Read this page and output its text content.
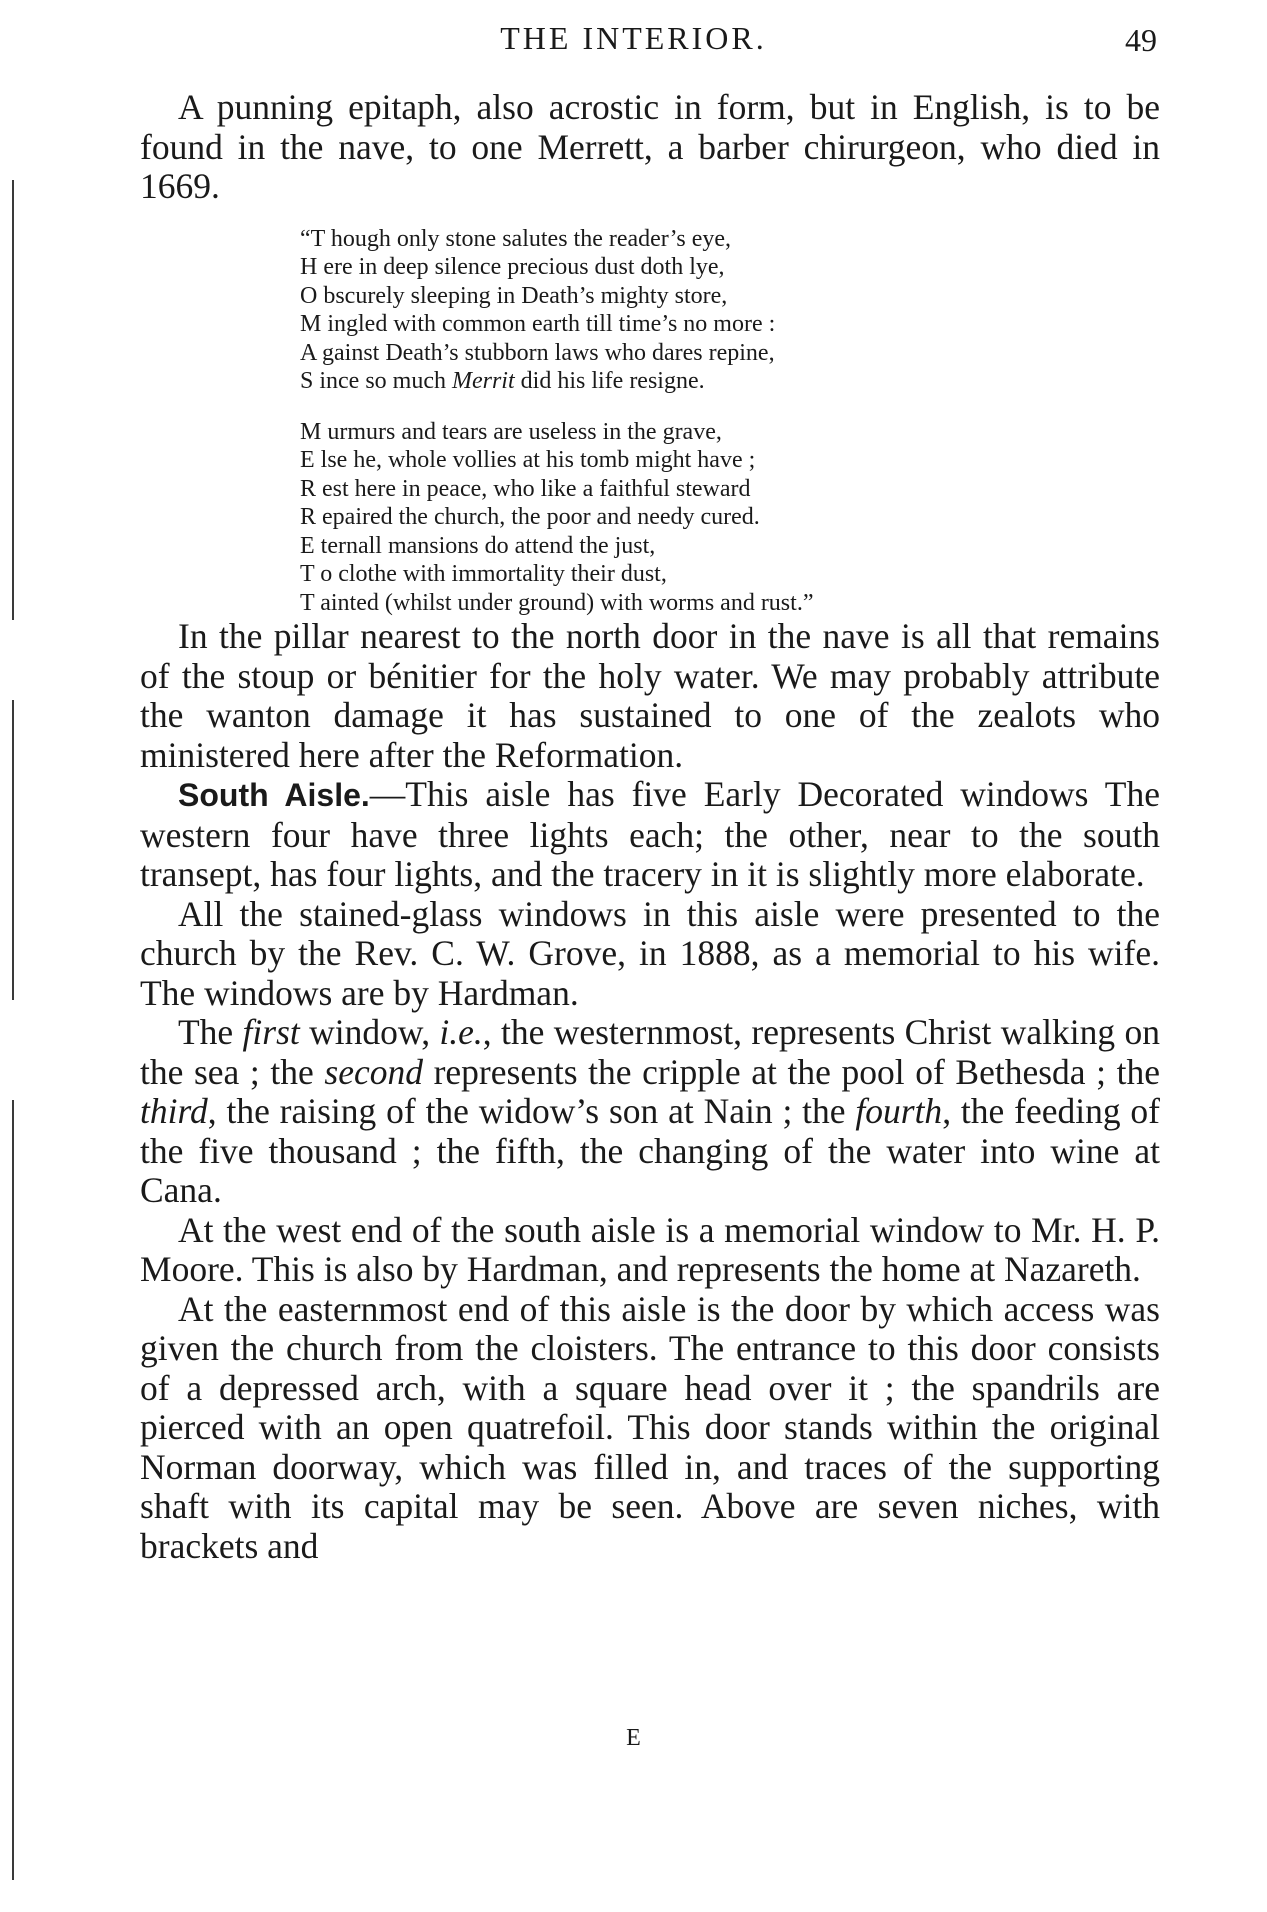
THE INTERIOR.	49

A punning epitaph, also acrostic in form, but in English, is to be found in the nave, to one Merrett, a barber chirurgeon, who died in 1669.

“T hough only stone salutes the reader’s eye,
H ere in deep silence precious dust doth lye,
O bscurely sleeping in Death’s mighty store,
M ingled with common earth till time’s no more :
A gainst Death’s stubborn laws who dares repine,
S ince so much Merrit did his life resigne.
M urmurs and tears are useless in the grave,
E lse he, whole vollies at his tomb might have ;
R est here in peace, who like a faithful steward
R epaired the church, the poor and needy cured.
E ternall mansions do attend the just,
T o clothe with immortality their dust,
T ainted (whilst under ground) with worms and rust.”

In the pillar nearest to the north door in the nave is all that remains of the stoup or bénitier for the holy water. We may probably attribute the wanton damage it has sustained to one of the zealots who ministered here after the Reformation.

South Aisle.—This aisle has five Early Decorated windows The western four have three lights each; the other, near to the south transept, has four lights, and the tracery in it is slightly more elaborate.

All the stained-glass windows in this aisle were presented to the church by the Rev. C. W. Grove, in 1888, as a memorial to his wife. The windows are by Hardman.

The first window, i.e., the westernmost, represents Christ walking on the sea ; the second represents the cripple at the pool of Bethesda ; the third, the raising of the widow’s son at Nain ; the fourth, the feeding of the five thousand ; the fifth, the changing of the water into wine at Cana.

At the west end of the south aisle is a memorial window to Mr. H. P. Moore. This is also by Hardman, and represents the home at Nazareth.

At the easternmost end of this aisle is the door by which access was given the church from the cloisters. The entrance to this door consists of a depressed arch, with a square head over it ; the spandrils are pierced with an open quatrefoil. This door stands within the original Norman doorway, which was filled in, and traces of the supporting shaft with its capital may be seen. Above are seven niches, with brackets and

E
